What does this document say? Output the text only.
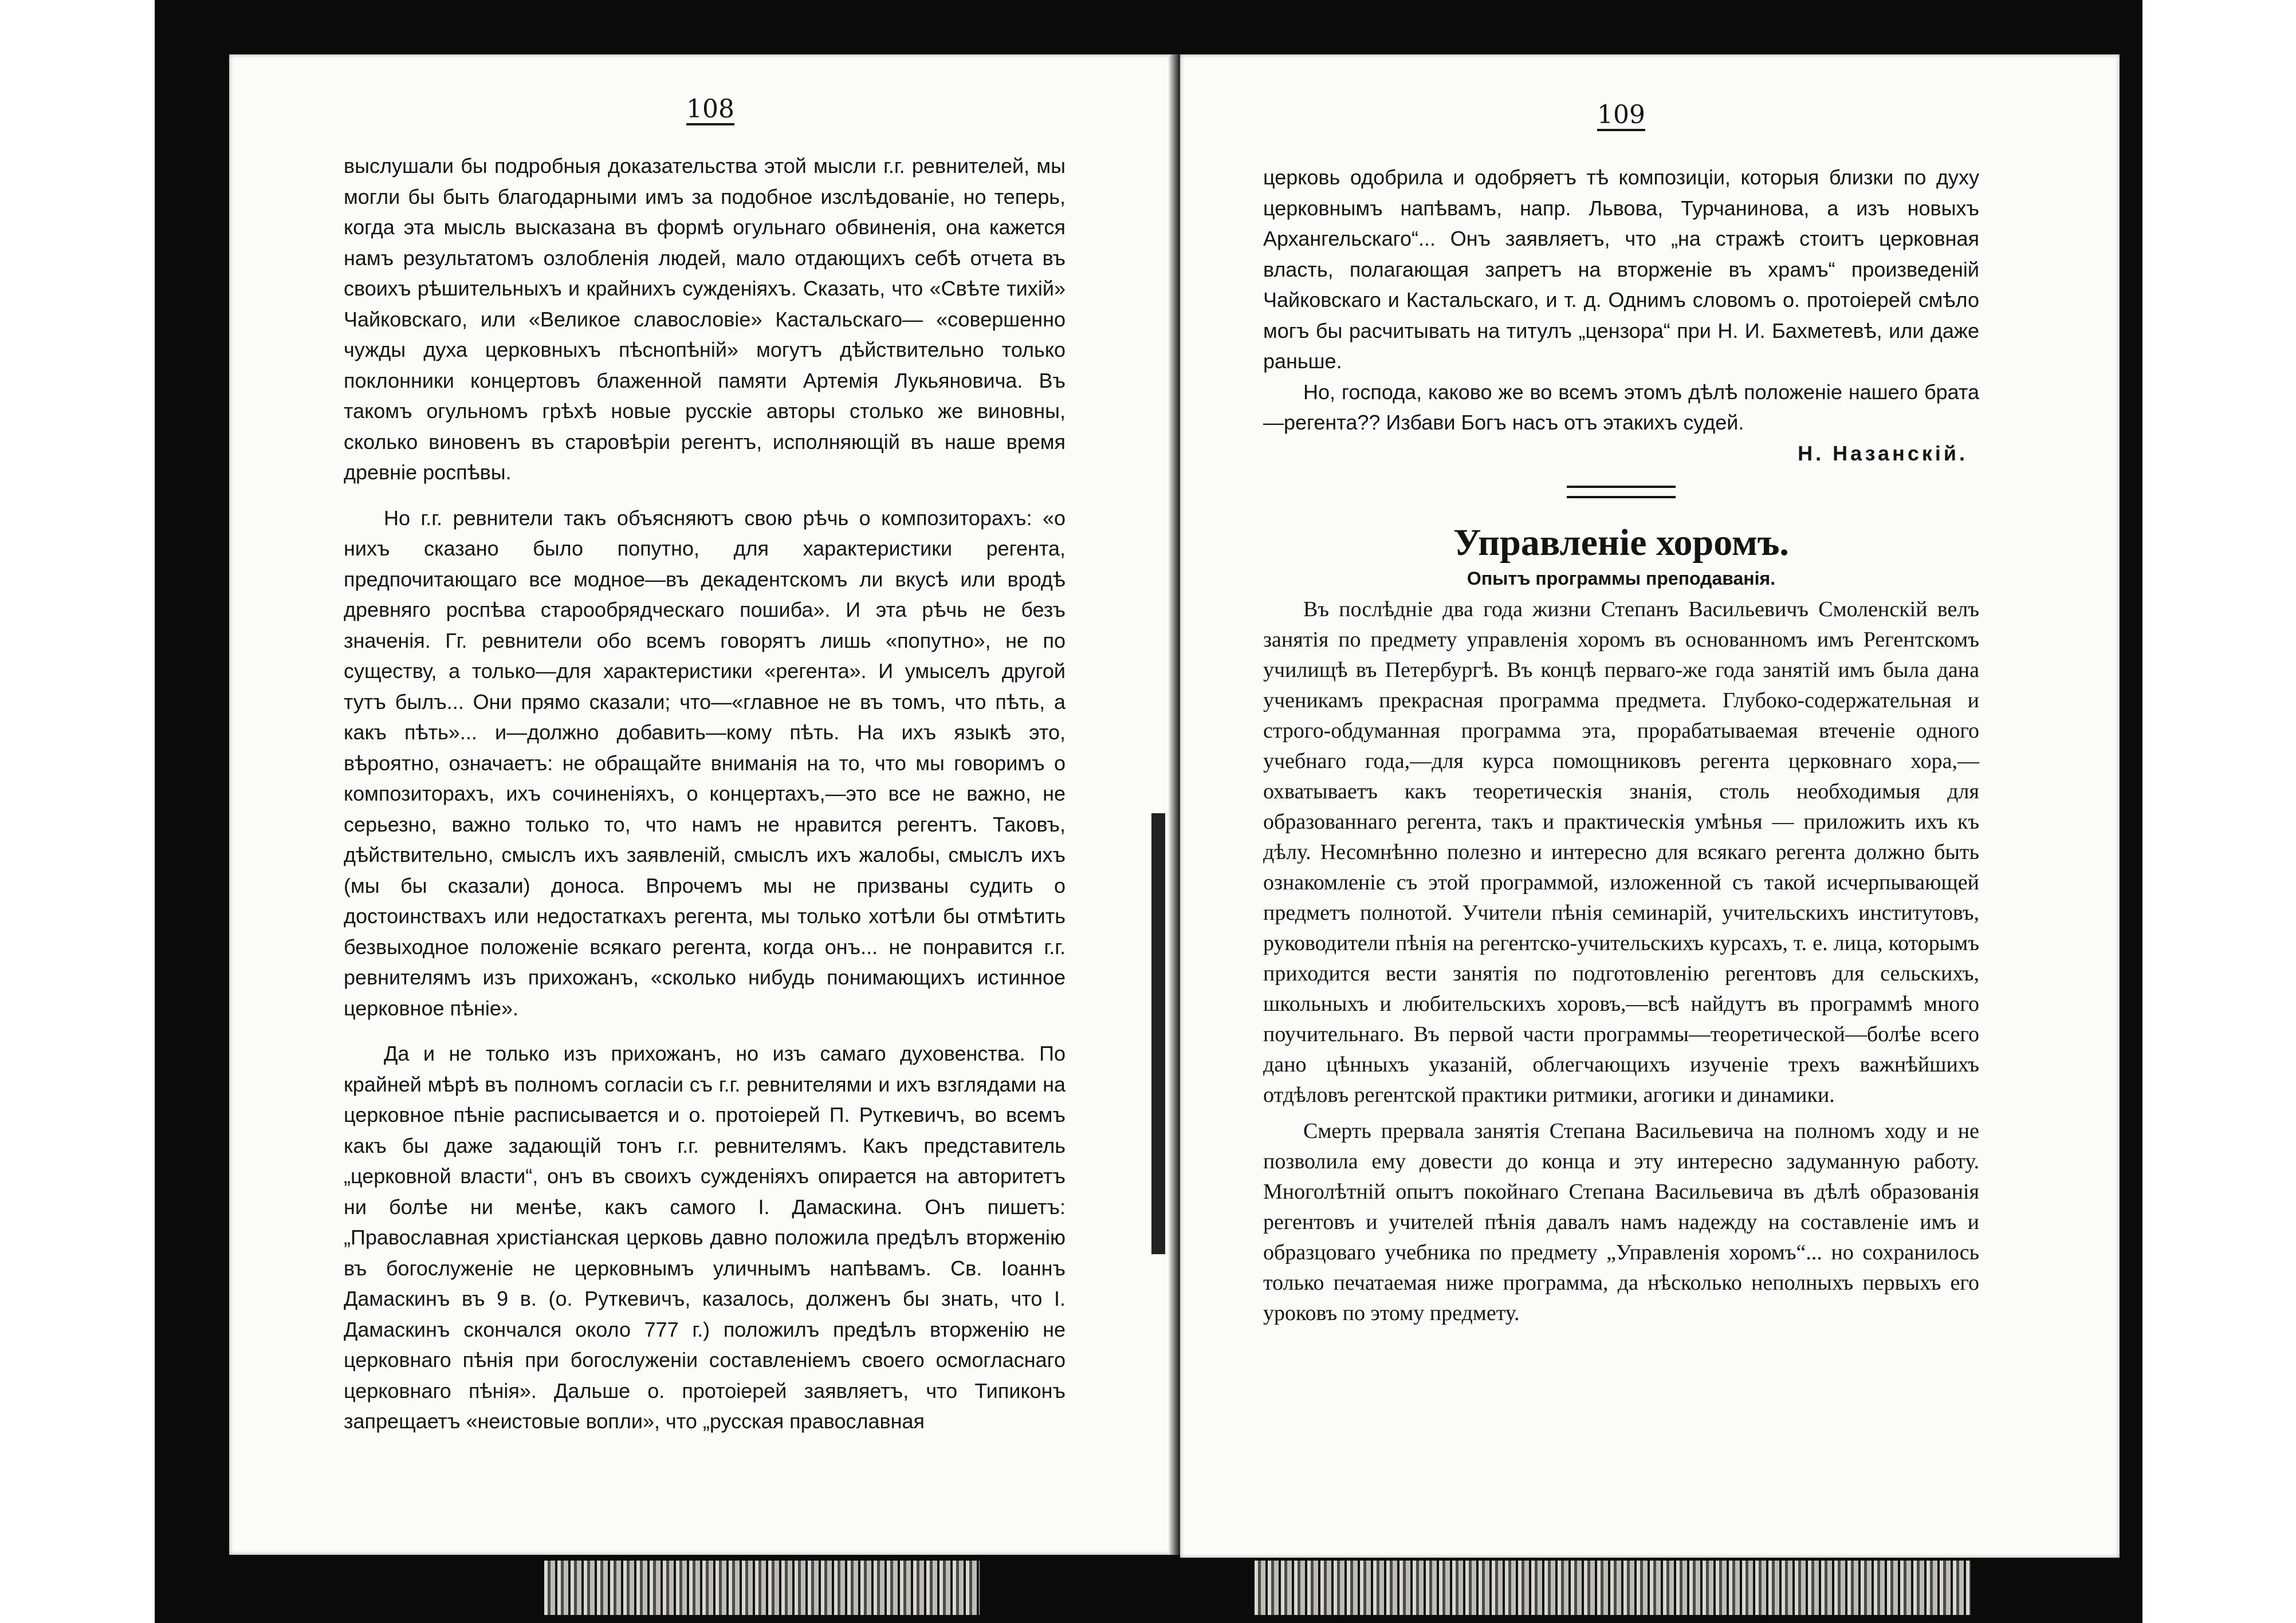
108

выслушали бы подробныя доказательства этой мысли г.г. ревнителей, мы могли бы быть благодарными имъ за подобное изслѣдованіе, но теперь, когда эта мысль высказана въ формѣ огульнаго обвиненія, она кажется намъ результатомъ озлобленія людей, мало отдающихъ себѣ отчета въ своихъ рѣшительныхъ и крайнихъ сужденіяхъ. Сказать, что «Свѣте тихій» Чайковскаго, или «Великое славословіе» Кастальскаго— «совершенно чужды духа церковныхъ пѣснопѣній» могутъ дѣйствительно только поклонники концертовъ блаженной памяти Артемія Лукьяновича. Въ такомъ огульномъ грѣхѣ новые русскіе авторы столько же виновны, сколько виновенъ въ старовѣріи регентъ, исполняющій въ наше время древніе роспѣвы.

Но г.г. ревнители такъ объясняютъ свою рѣчь о композиторахъ: «о нихъ сказано было попутно, для характеристики регента, предпочитающаго все модное—въ декадентскомъ ли вкусѣ или вродѣ древняго роспѣва старообрядческаго пошиба». И эта рѣчь не безъ значенія. Гг. ревнители обо всемъ говорятъ лишь «попутно», не по существу, а только—для характеристики «регента». И умыселъ другой тутъ былъ... Они прямо сказали; что—«главное не въ томъ, что пѣть, а какъ пѣть»... и—должно добавить—кому пѣть. На ихъ языкѣ это, вѣроятно, означаетъ: не обращайте вниманія на то, что мы говоримъ о композиторахъ, ихъ сочиненіяхъ, о концертахъ,—это все не важно, не серьезно, важно только то, что намъ не нравится регентъ. Таковъ, дѣйствительно, смыслъ ихъ заявленій, смыслъ ихъ жалобы, смыслъ ихъ (мы бы сказали) доноса. Впрочемъ мы не призваны судить о достоинствахъ или недостаткахъ регента, мы только хотѣли бы отмѣтить безвыходное положеніе всякаго регента, когда онъ... не понравится г.г. ревнителямъ изъ прихожанъ, «сколько нибудь понимающихъ истинное церковное пѣніе».

Да и не только изъ прихожанъ, но изъ самаго духовенства. По крайней мѣрѣ въ полномъ согласіи съ г.г. ревнителями и ихъ взглядами на церковное пѣніе расписывается и о. протоіерей П. Руткевичъ, во всемъ какъ бы даже задающій тонъ г.г. ревнителямъ. Какъ представитель „церковной власти“, онъ въ своихъ сужденіяхъ опирается на авторитетъ ни болѣе ни менѣе, какъ самого І. Дамаскина. Онъ пишетъ: „Православная христіанская церковь давно положила предѣлъ вторженію въ богослуженіе не церковнымъ уличнымъ напѣвамъ. Св. Іоаннъ Дамаскинъ въ 9 в. (о. Руткевичъ, казалось, долженъ бы знать, что І. Дамаскинъ скончался около 777 г.) положилъ предѣлъ вторженію не церковнаго пѣнія при богослуженіи составленіемъ своего осмогласнаго церковнаго пѣнія». Дальше о. протоіерей заявляетъ, что Типиконъ запрещаетъ «неистовые вопли», что „русская православная

109

церковь одобрила и одобряетъ тѣ композиціи, которыя близки по духу церковнымъ напѣвамъ, напр. Львова, Турчанинова, а изъ новыхъ Архангельскаго“... Онъ заявляетъ, что „на стражѣ стоитъ церковная власть, полагающая запретъ на вторженіе въ храмъ“ произведеній Чайковскаго и Кастальскаго, и т. д. Однимъ словомъ о. протоіерей смѣло могъ бы расчитывать на титулъ „цензора“ при Н. И. Бахметевѣ, или даже раньше.

Но, господа, каково же во всемъ этомъ дѣлѣ положеніе нашего брата—регента?? Избави Богъ насъ отъ этакихъ судей.

Н. Назанскій.

Управленіе хоромъ.

Опытъ программы преподаванія.

Въ послѣдніе два года жизни Степанъ Васильевичъ Смоленскій велъ занятія по предмету управленія хоромъ въ основанномъ имъ Регентскомъ училищѣ въ Петербургѣ. Въ концѣ перваго-же года занятій имъ была дана ученикамъ прекрасная программа предмета. Глубоко-содержательная и строго-обдуманная программа эта, прорабатываемая втеченіе одного учебнаго года,—для курса помощниковъ регента церковнаго хора,—охватываетъ какъ теоретическія знанія, столь необходимыя для образованнаго регента, такъ и практическія умѣнья — приложить ихъ къ дѣлу. Несомнѣнно полезно и интересно для всякаго регента должно быть ознакомленіе съ этой программой, изложенной съ такой исчерпывающей предметъ полнотой. Учители пѣнія семинарій, учительскихъ институтовъ, руководители пѣнія на регентско-учительскихъ курсахъ, т. е. лица, которымъ приходится вести занятія по подготовленію регентовъ для сельскихъ, школьныхъ и любительскихъ хоровъ,—всѣ найдутъ въ программѣ много поучительнаго. Въ первой части программы—теоретической—болѣе всего дано цѣнныхъ указаній, облегчающихъ изученіе трехъ важнѣйшихъ отдѣловъ регентской практики ритмики, агогики и динамики.

Смерть прервала занятія Степана Васильевича на полномъ ходу и не позволила ему довести до конца и эту интересно задуманную работу. Многолѣтній опытъ покойнаго Степана Васильевича въ дѣлѣ образованія регентовъ и учителей пѣнія давалъ намъ надежду на составленіе имъ и образцоваго учебника по предмету „Управленія хоромъ“... но сохранилось только печатаемая ниже программа, да нѣсколько неполныхъ первыхъ его уроковъ по этому предмету.
